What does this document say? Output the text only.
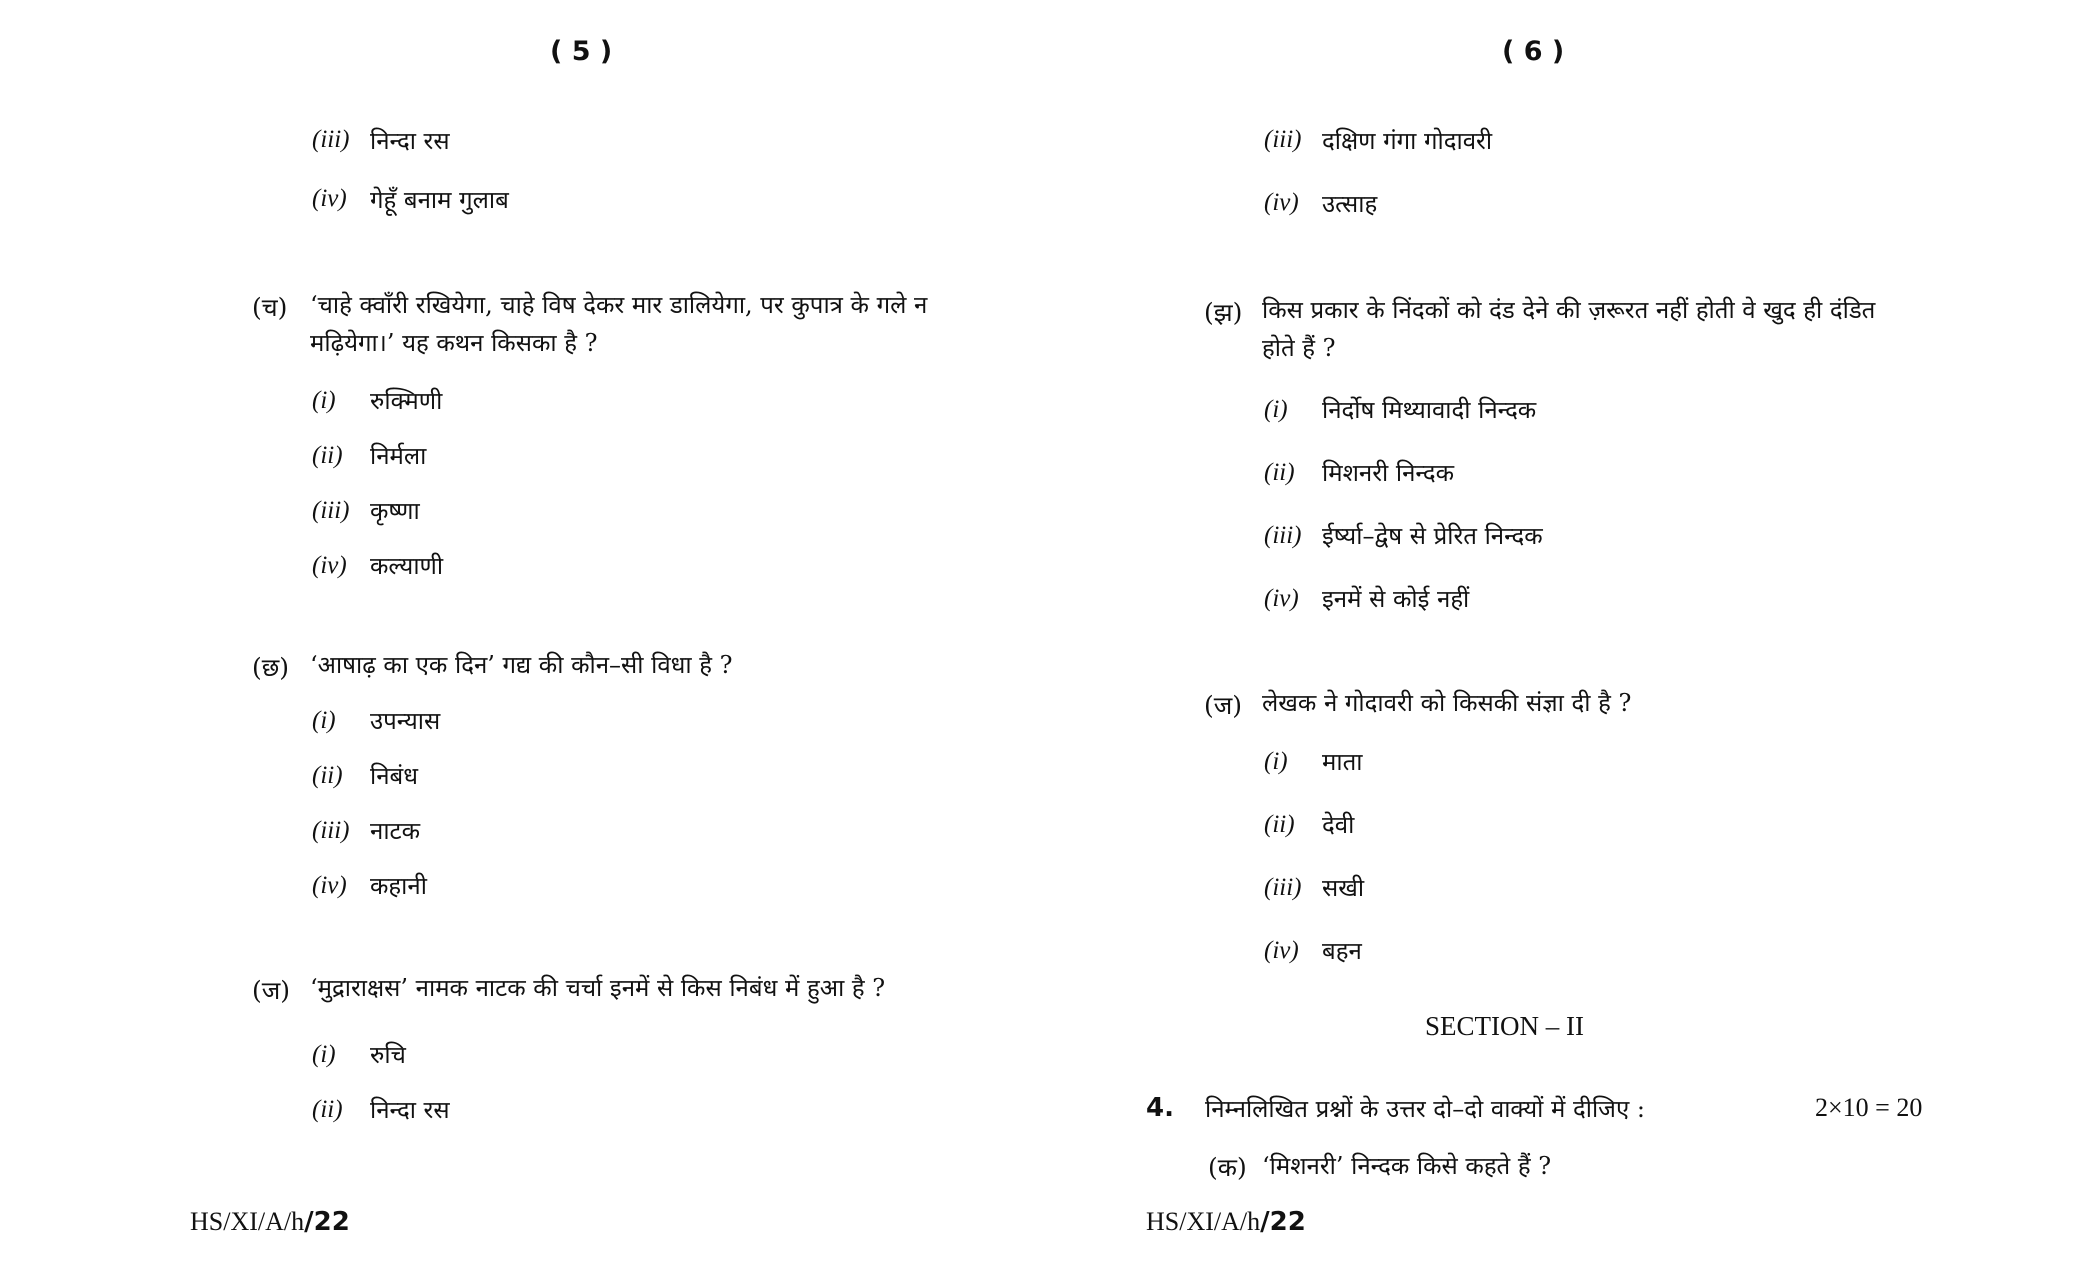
( 5 )
(iii) निन्दा रस
(iv) गेहूँ बनाम गुलाब
(च) ‘चाहे क्वाँरी रखियेगा, चाहे विष देकर मार डालियेगा, पर कुपात्र के गले न मढ़ियेगा।’ यह कथन किसका है ?
(i) रुक्मिणी
(ii) निर्मला
(iii) कृष्णा
(iv) कल्याणी
(छ) ‘आषाढ़ का एक दिन’ गद्य की कौन–सी विधा है ?
(i) उपन्यास
(ii) निबंध
(iii) नाटक
(iv) कहानी
(ज) ‘मुद्राराक्षस’ नामक नाटक की चर्चा इनमें से किस निबंध में हुआ है ?
(i) रुचि
(ii) निन्दा रस
HS/XI/A/h/22
( 6 )
(iii) दक्षिण गंगा गोदावरी
(iv) उत्साह
(झ) किस प्रकार के निंदकों को दंड देने की ज़रूरत नहीं होती वे खुद ही दंडित होते हैं ?
(i) निर्दोष मिथ्यावादी निन्दक
(ii) मिशनरी निन्दक
(iii) ईर्ष्या–द्वेष से प्रेरित निन्दक
(iv) इनमें से कोई नहीं
(ज) लेखक ने गोदावरी को किसकी संज्ञा दी है ?
(i) माता
(ii) देवी
(iii) सखी
(iv) बहन
SECTION – II
4. निम्नलिखित प्रश्नों के उत्तर दो–दो वाक्यों में दीजिए :	2×10 = 20
(क) ‘मिशनरी’ निन्दक किसे कहते हैं ?
HS/XI/A/h/22
